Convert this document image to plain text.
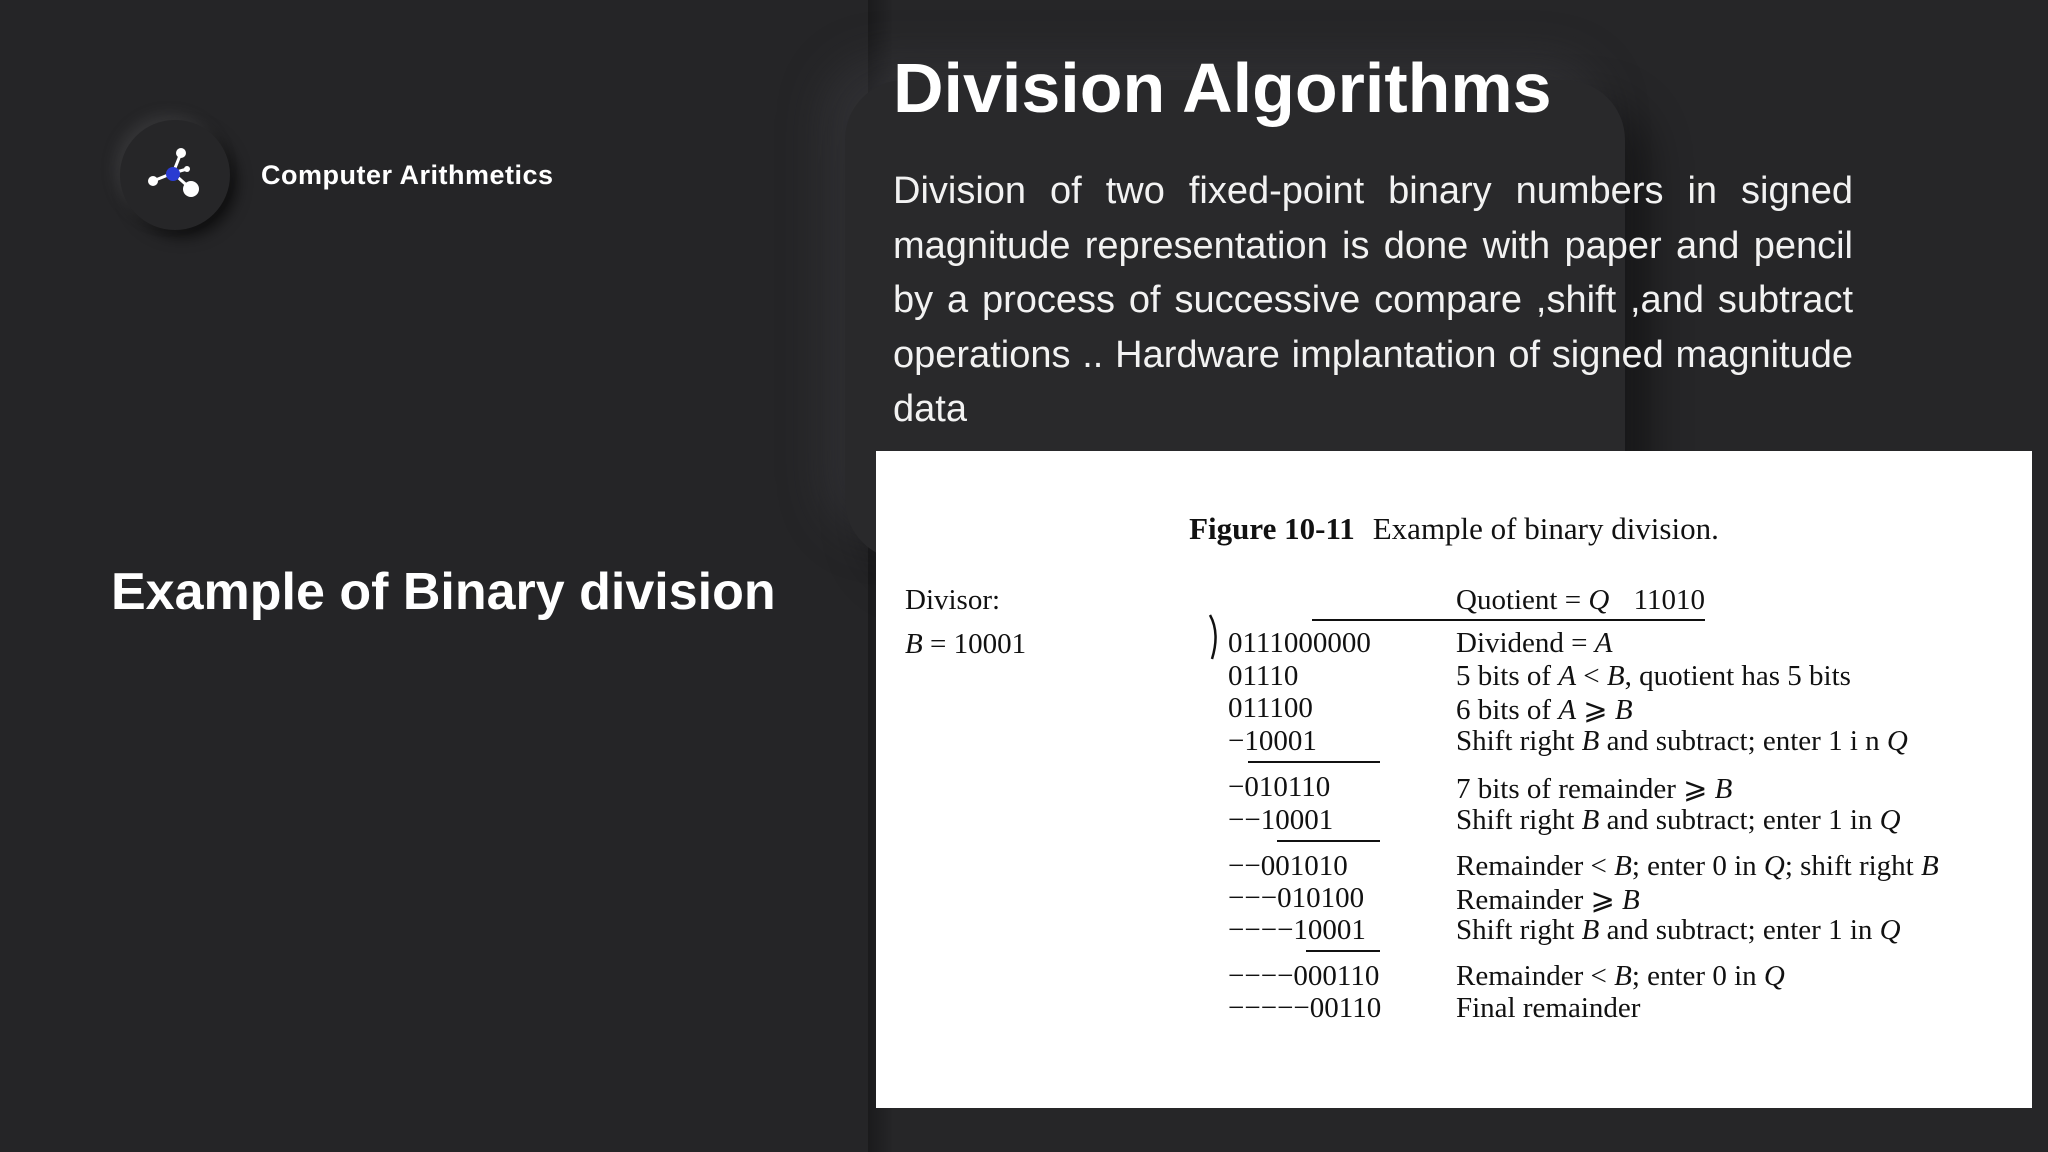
Computer Arithmetics
Example of Binary division
Division Algorithms
Division of two fixed-point binary numbers in signed magnitude representation is done with paper and pencil by a process of successive compare ,shift ,and subtract operations .. Hardware implantation of signed magnitude data
Figure 10-11 Example of binary division.
Divisor:
B = 10001
11010
Quotient = Q
0111000000	Dividend = A
01110	5 bits of A < B, quotient has 5 bits
011100	6 bits of A ⩾ B
−10001	Shift right B and subtract; enter 1 i n Q
−010110	7 bits of remainder ⩾ B
−−10001	Shift right B and subtract; enter 1 in Q
−−001010	Remainder < B; enter 0 in Q; shift right B
−−−010100	Remainder ⩾ B
−−−−10001	Shift right B and subtract; enter 1 in Q
−−−−000110	Remainder < B; enter 0 in Q
−−−−−00110	Final remainder
